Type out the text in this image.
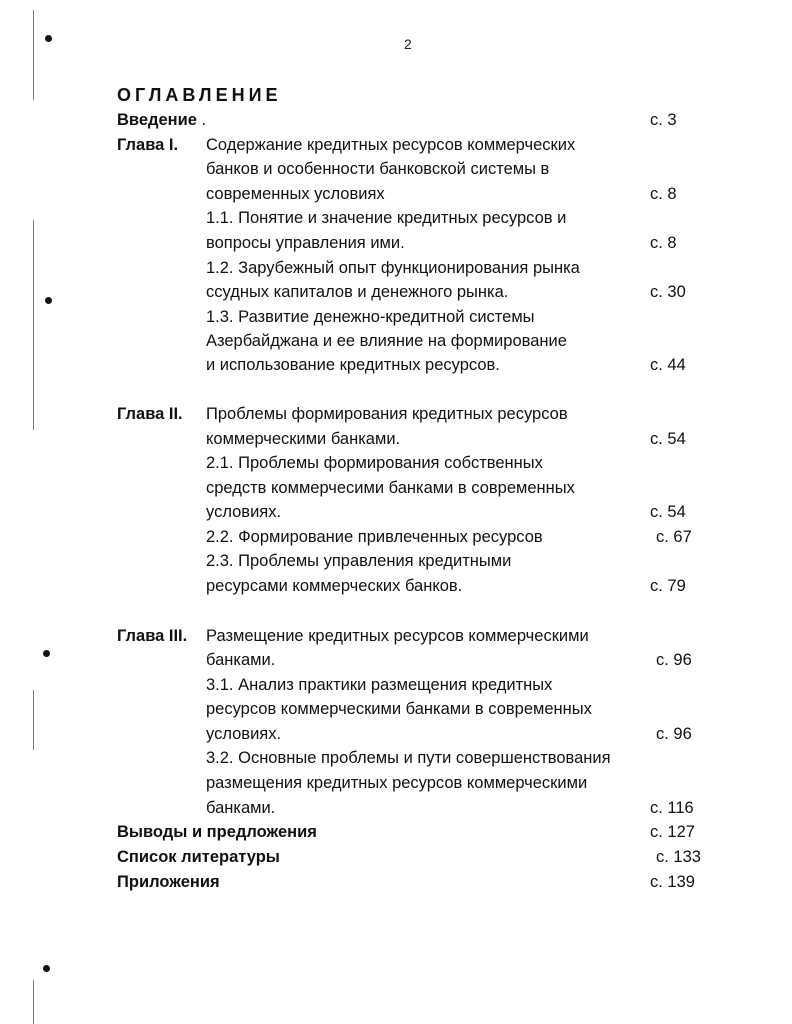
2
ОГЛАВЛЕНИЕ
Введение .	с. 3
Глава I. Содержание кредитных ресурсов коммерческих
банков и особенности банковской системы в
современных условиях	с. 8
1.1. Понятие и значение кредитных ресурсов и
вопросы управления ими.	с. 8
1.2. Зарубежный опыт функционирования рынка
ссудных капиталов и денежного рынка.	с. 30
1.3. Развитие денежно-кредитной системы
Азербайджана и ее влияние на формирование
и использование кредитных ресурсов.	с. 44
Глава II. Проблемы формирования кредитных ресурсов
коммерческими банками.	с. 54
2.1. Проблемы формирования собственных
средств коммерчесими банками в современных
условиях.	с. 54
2.2. Формирование привлеченных ресурсов	с. 67
2.3. Проблемы управления кредитными
ресурсами коммерческих банков.	с. 79
Глава III. Размещение кредитных ресурсов коммерческими
банками.	с. 96
3.1. Анализ практики размещения кредитных
ресурсов коммерческими банками в современных
условиях.	с. 96
3.2. Основные проблемы и пути совершенствования
размещения кредитных ресурсов коммерческими
банками.	с. 116
Выводы и предложения	с. 127
Список литературы	с. 133
Приложения	с. 139
